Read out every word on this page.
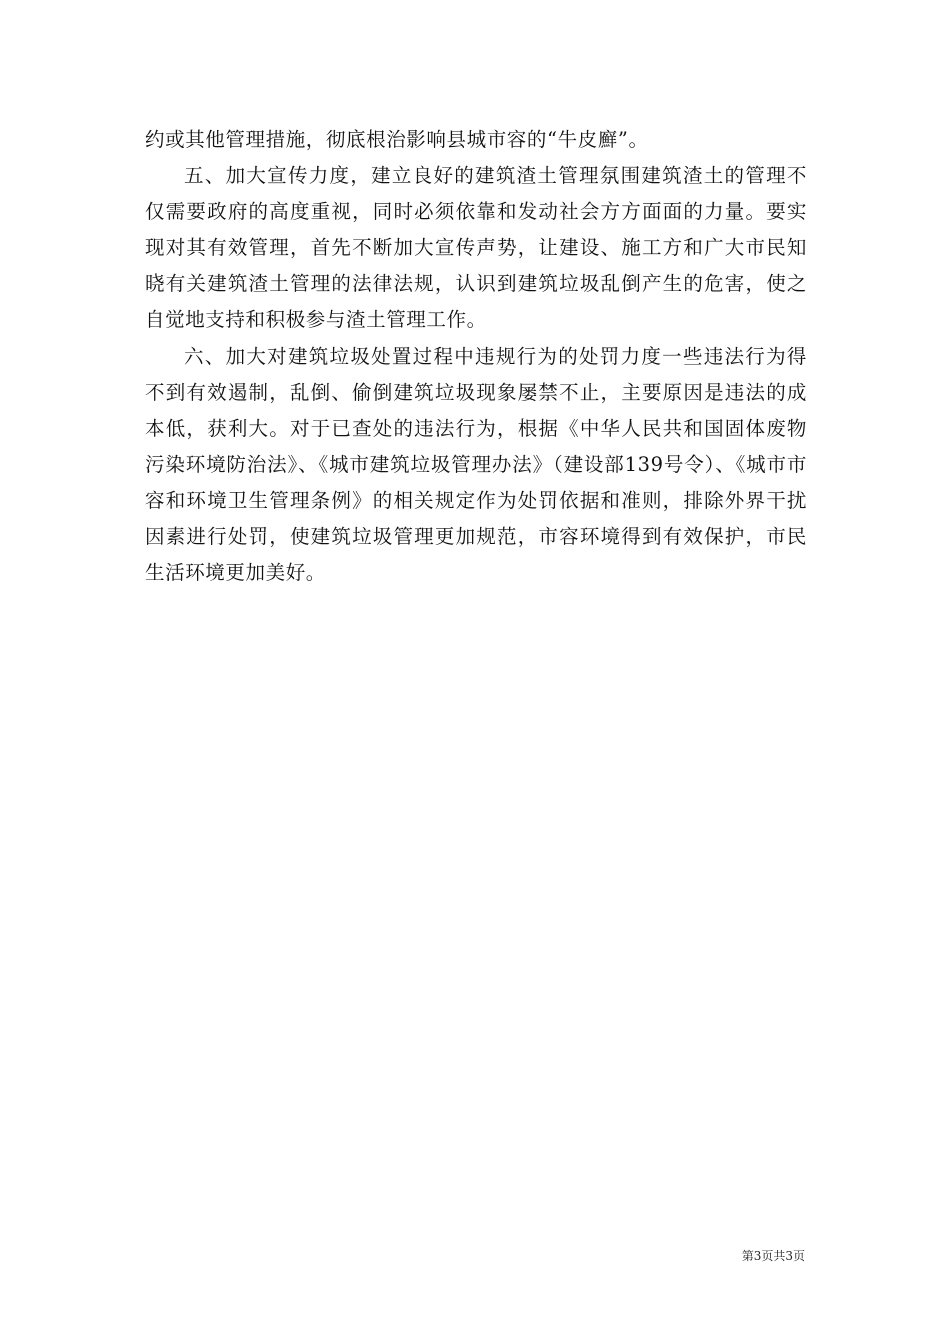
约或其他管理措施，彻底根治影响县城市容的“牛皮廯”。

五、加大宣传力度，建立良好的建筑渣土管理氛围建筑渣土的管理不仅需要政府的高度重视，同时必须依靠和发动社会方方面面的力量。要实现对其有效管理，首先不断加大宣传声势，让建设、施工方和广大市民知晓有关建筑渣土管理的法律法规，认识到建筑垃圾乱倒产生的危害，使之自觉地支持和积极参与渣土管理工作。

六、加大对建筑垃圾处置过程中违规行为的处罚力度一些违法行为得不到有效遏制，乱倒、偷倒建筑垃圾现象屡禁不止，主要原因是违法的成本低，获利大。对于已查处的违法行为，根据《中华人民共和国固体废物污染环境防治法》、《城市建筑垃圾管理办法》（建设部139号令）、《城市市容和环境卫生管理条例》的相关规定作为处罚依据和准则，排除外界干扰因素进行处罚，使建筑垃圾管理更加规范，市容环境得到有效保护，市民生活环境更加美好。

第3页共3页
